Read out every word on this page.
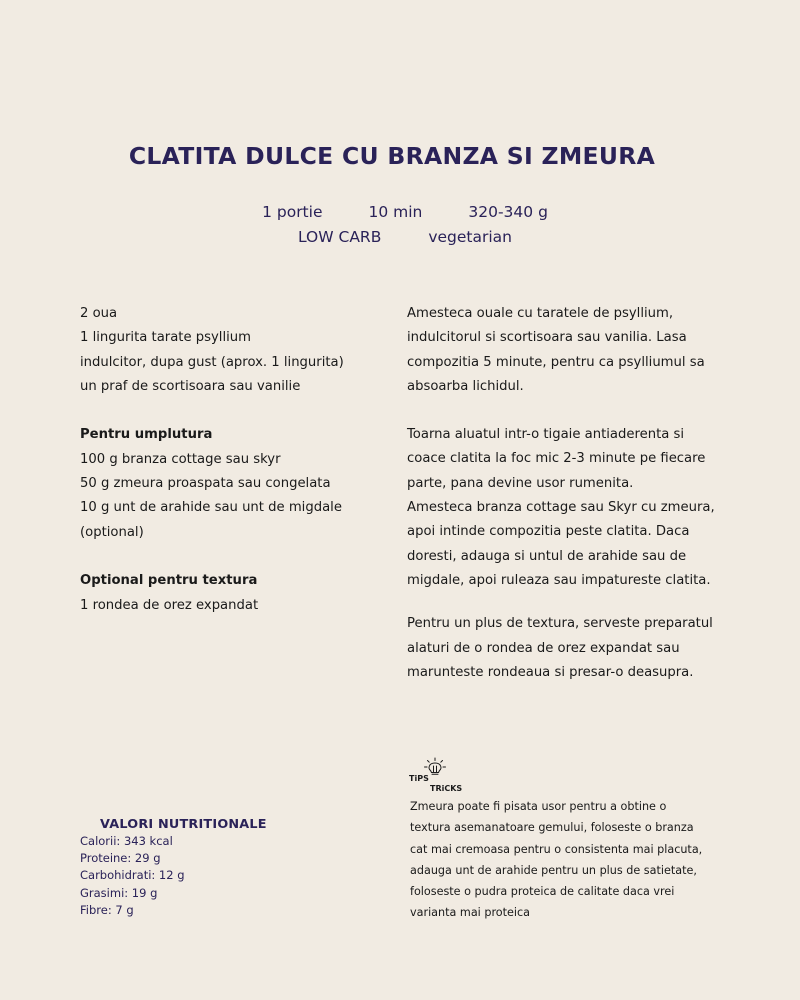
CLATITA DULCE CU BRANZA SI ZMEURA
1 portie	10 min	320-340 g
LOW CARB	vegetarian
2 oua
1 lingurita tarate psyllium
indulcitor, dupa gust (aprox. 1 lingurita)
un praf de scortisoara sau vanilie
Pentru umplutura
100 g branza cottage sau skyr
50 g zmeura proaspata sau congelata
10 g unt de arahide sau unt de migdale
(optional)
Optional pentru textura
1 rondea de orez expandat

Amesteca ouale cu taratele de psyllium, indulcitorul si scortisoara sau vanilia. Lasa compozitia 5 minute, pentru ca psylliumul sa absoarba lichidul.

Toarna aluatul intr-o tigaie antiaderenta si coace clatita la foc mic 2-3 minute pe fiecare parte, pana devine usor rumenita.

Amesteca branza cottage sau Skyr cu zmeura, apoi intinde compozitia peste clatita. Daca doresti, adauga si untul de arahide sau de migdale, apoi ruleaza sau impatureste clatita.

Pentru un plus de textura, serveste preparatul alaturi de o rondea de orez expandat sau marunteste rondeaua si presar-o deasupra.

TiPS
TRiCKS
Zmeura poate fi pisata usor pentru a obtine o textura asemanatoare gemului, foloseste o branza cat mai cremoasa pentru o consistenta mai placuta, adauga unt de arahide pentru un plus de satietate, foloseste o pudra proteica de calitate daca vrei varianta mai proteica
VALORI NUTRITIONALE
Calorii: 343 kcal
Proteine: 29 g
Carbohidrati: 12 g
Grasimi: 19 g
Fibre: 7 g
